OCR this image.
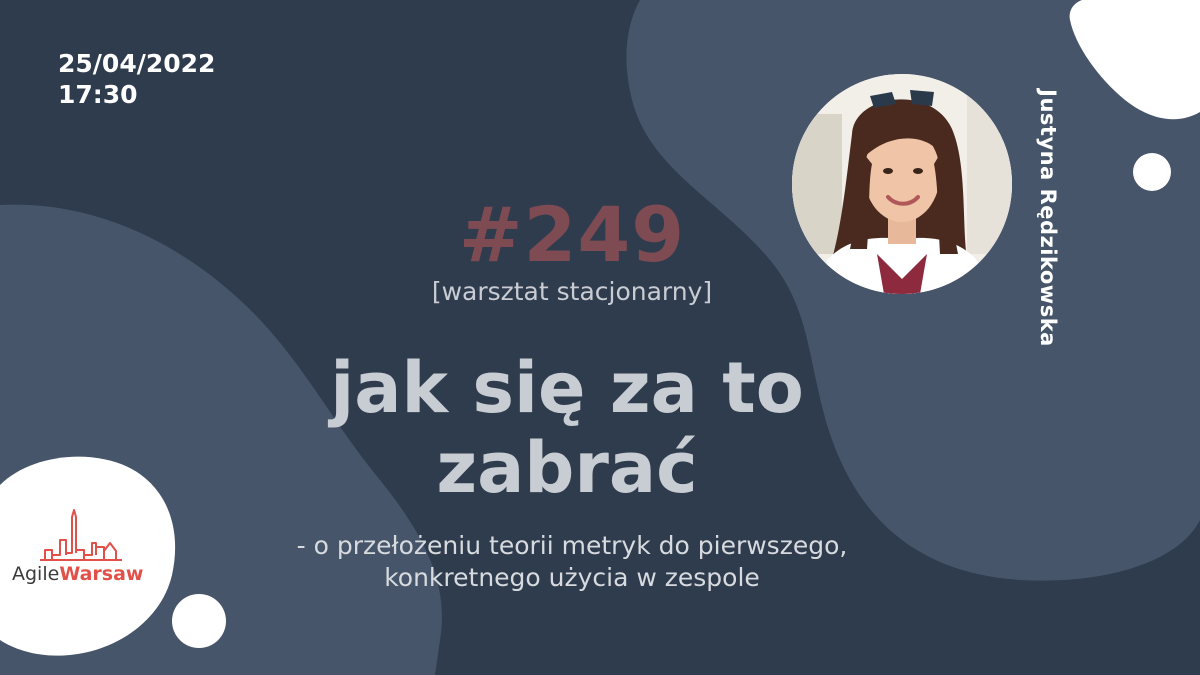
25/04/2022
17:30
#249
[warsztat stacjonarny]
jak się za to
zabrać
- o przełożeniu teorii metryk do pierwszego,
konkretnego użycia w zespole
Justyna Rędzikowska
AgileWarsaw
